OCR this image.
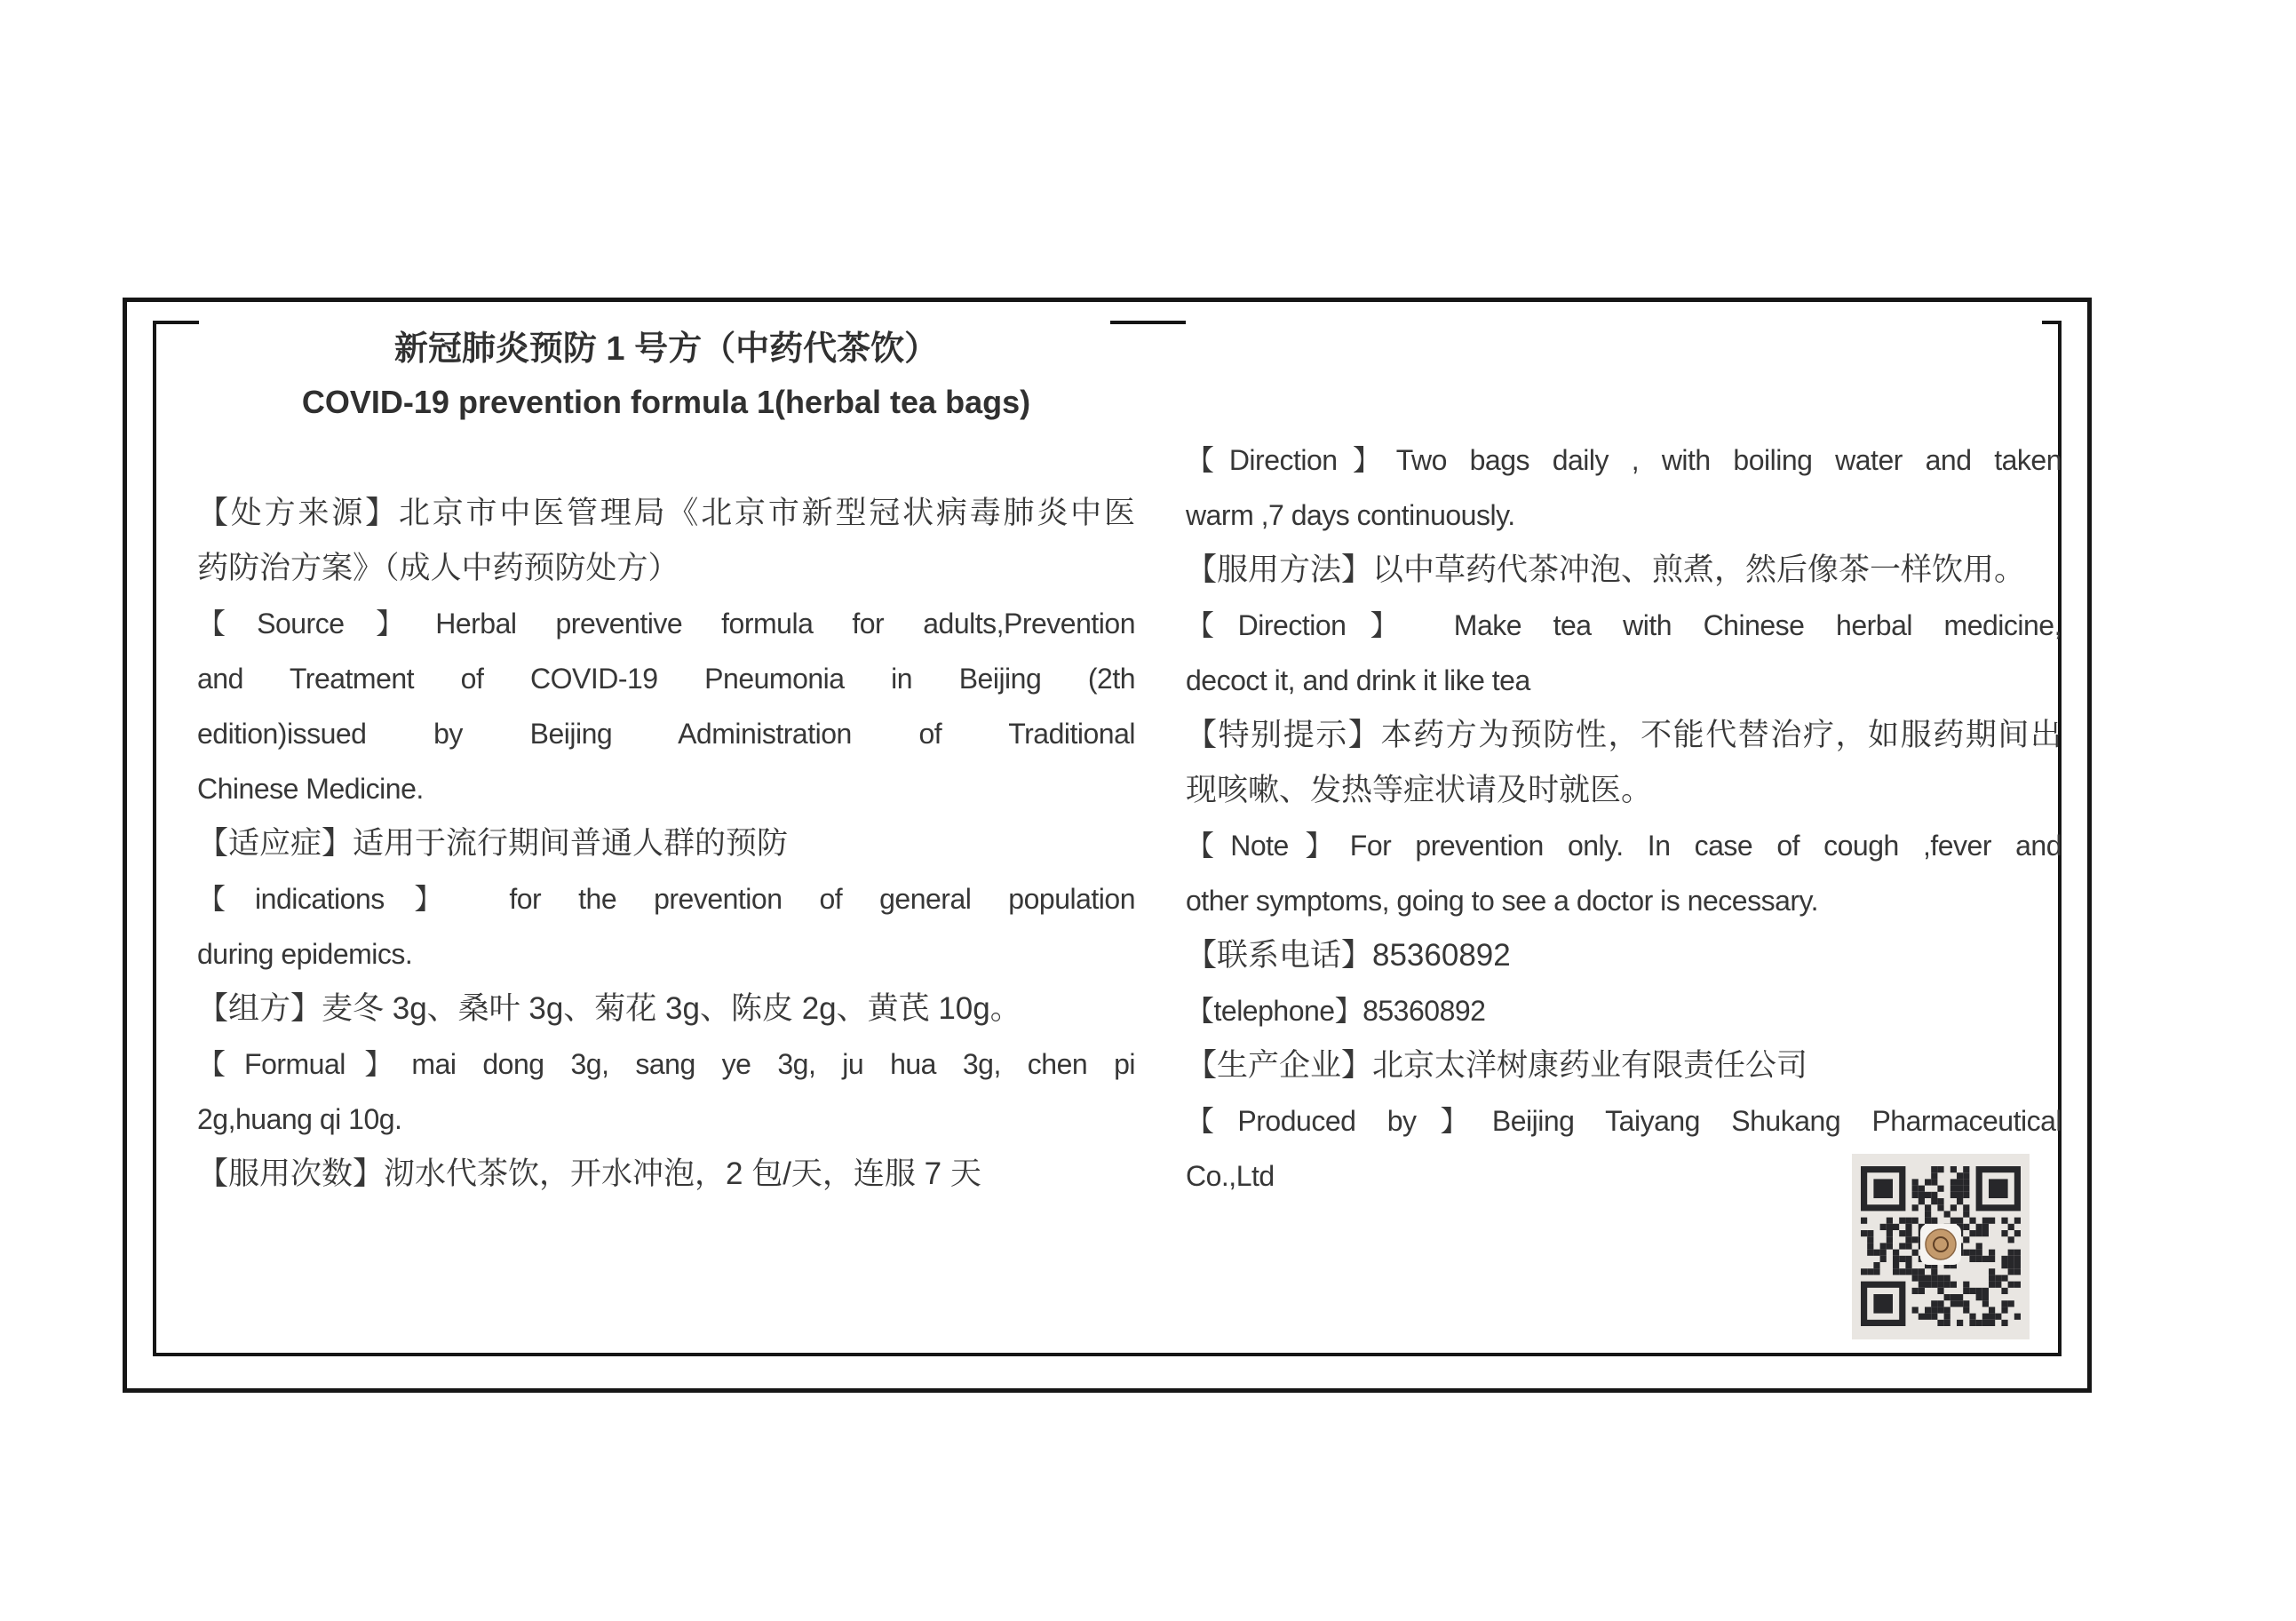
新冠肺炎预防 1 号方（中药代茶饮）
COVID-19 prevention formula 1(herbal tea bags)
【处方来源】北京市中医管理局《北京市新型冠状病毒肺炎中医
药防治方案》（成人中药预防处方）
【Source】Herbal preventive formula for adults,Prevention
and Treatment of COVID-19 Pneumonia in Beijing (2th
edition)issued by Beijing Administration of Traditional
Chinese Medicine.
【适应症】适用于流行期间普通人群的预防
【indications】 for the prevention of general population
during epidemics.
【组方】麦冬 3g、桑叶 3g、菊花 3g、陈皮 2g、黄芪 10g。
【Formual】mai dong 3g, sang ye 3g, ju hua 3g, chen pi
2g,huang qi 10g.
【服用次数】沏水代茶饮，开水冲泡，2 包/天，连服 7 天
【Direction】Two bags daily , with boiling water and taken
warm ,7 days continuously.
【服用方法】以中草药代茶冲泡、煎煮，然后像茶一样饮用。
【Direction】 Make tea with Chinese herbal medicine,
decoct it, and drink it like tea
【特别提示】本药方为预防性，不能代替治疗，如服药期间出
现咳嗽、发热等症状请及时就医。
【Note】For prevention only. In case of cough ,fever and
other symptoms, going to see a doctor is necessary.
【联系电话】85360892
【telephone】85360892
【生产企业】北京太洋树康药业有限责任公司
【Produced by】Beijing Taiyang Shukang Pharmaceutical
Co.,Ltd
